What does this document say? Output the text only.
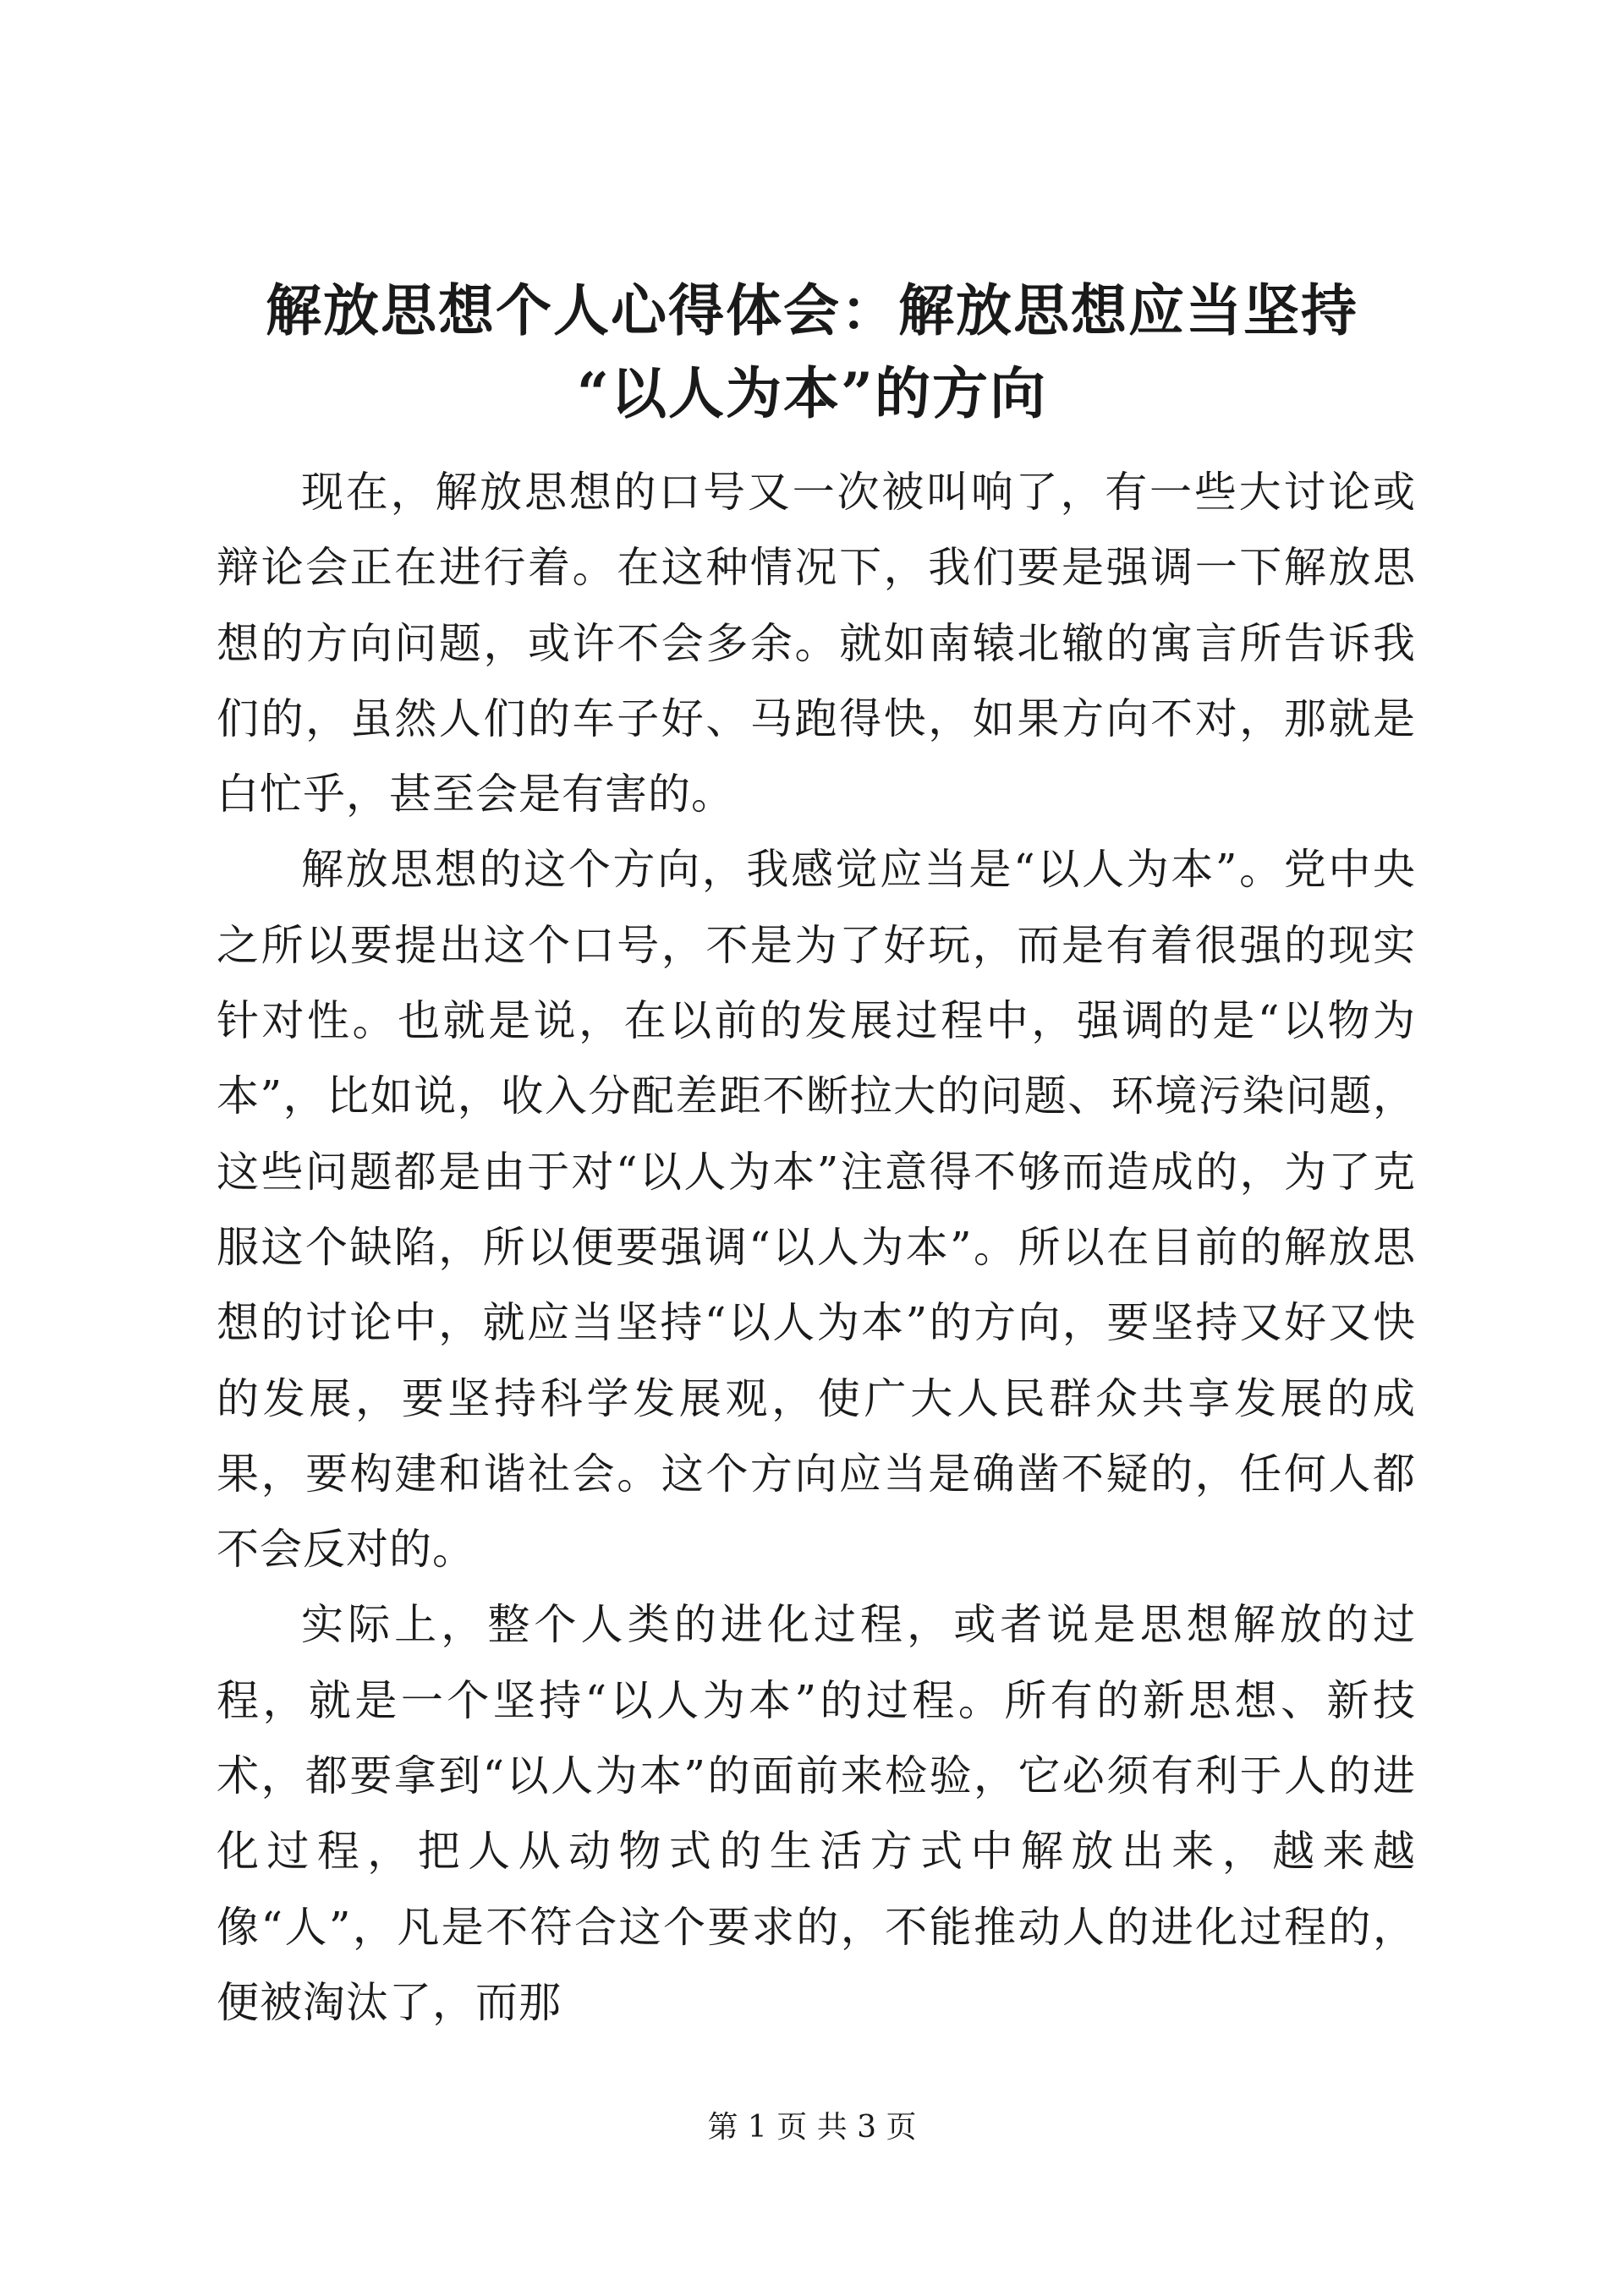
解放思想个人心得体会：解放思想应当坚持
“以人为本”的方向

现在，解放思想的口号又一次被叫响了，有一些大讨论或辩论会正在进行着。在这种情况下，我们要是强调一下解放思想的方向问题，或许不会多余。就如南辕北辙的寓言所告诉我们的，虽然人们的车子好、马跑得快，如果方向不对，那就是白忙乎，甚至会是有害的。

解放思想的这个方向，我感觉应当是“以人为本”。党中央之所以要提出这个口号，不是为了好玩，而是有着很强的现实针对性。也就是说，在以前的发展过程中，强调的是“以物为本”，比如说，收入分配差距不断拉大的问题、环境污染问题，这些问题都是由于对“以人为本”注意得不够而造成的，为了克服这个缺陷，所以便要强调“以人为本”。所以在目前的解放思想的讨论中，就应当坚持“以人为本”的方向，要坚持又好又快的发展，要坚持科学发展观，使广大人民群众共享发展的成果，要构建和谐社会。这个方向应当是确凿不疑的，任何人都不会反对的。

实际上，整个人类的进化过程，或者说是思想解放的过程，就是一个坚持“以人为本”的过程。所有的新思想、新技术，都要拿到“以人为本”的面前来检验，它必须有利于人的进化过程，把人从动物式的生活方式中解放出来，越来越像“人”，凡是不符合这个要求的，不能推动人的进化过程的，便被淘汰了，而那

第 1 页 共 3 页
